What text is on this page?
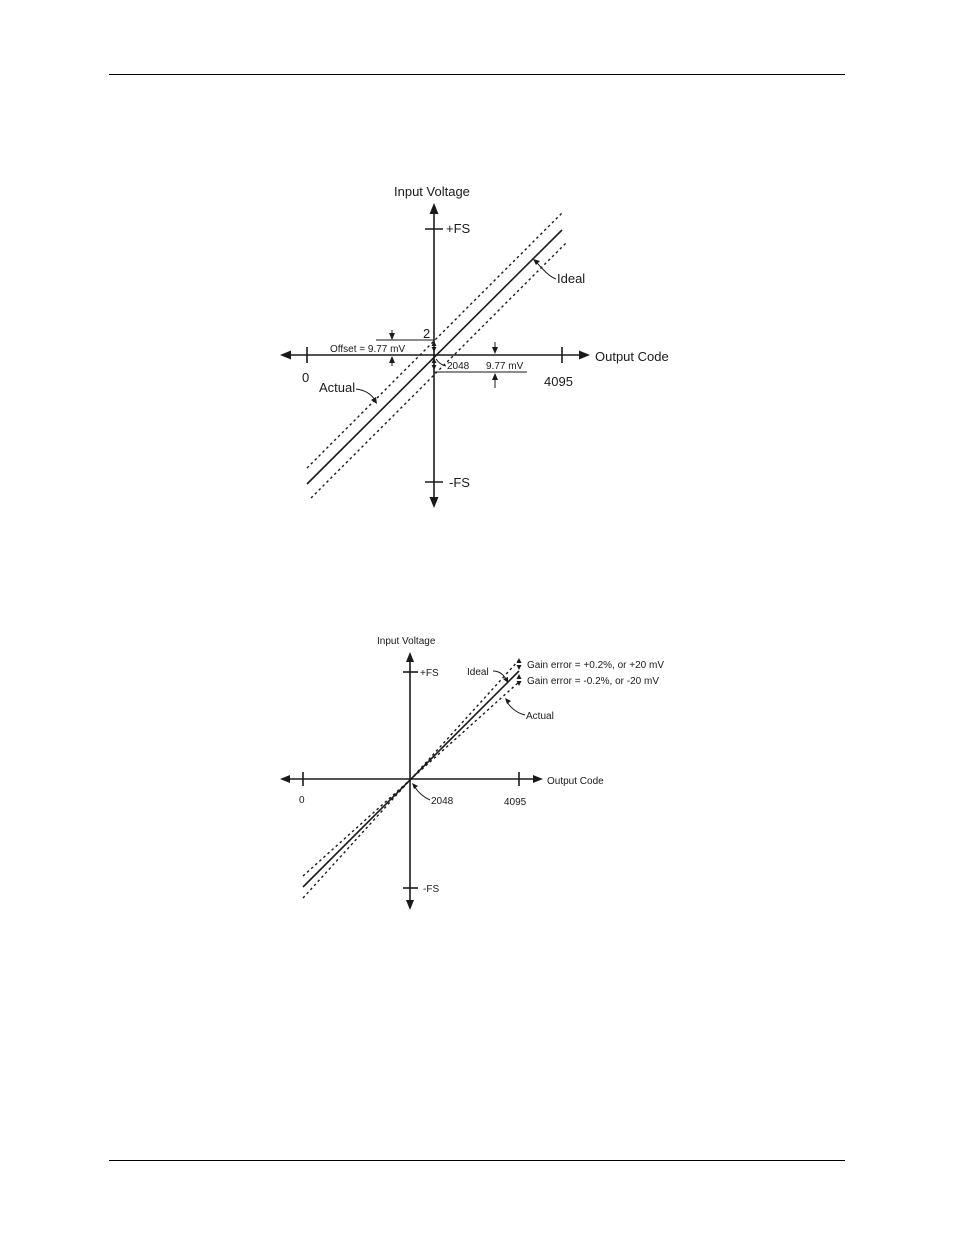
Input Voltage
+FS
-FS
Output Code
0	4095
Ideal
Actual
Offset = 9.77 mV
2
2048 9.77 mV
Input Voltage
+FS
-FS
Output Code
0	4095
2048
Ideal
Actual
Gain error = +0.2%, or +20 mV
Gain error = -0.2%, or -20 mV
